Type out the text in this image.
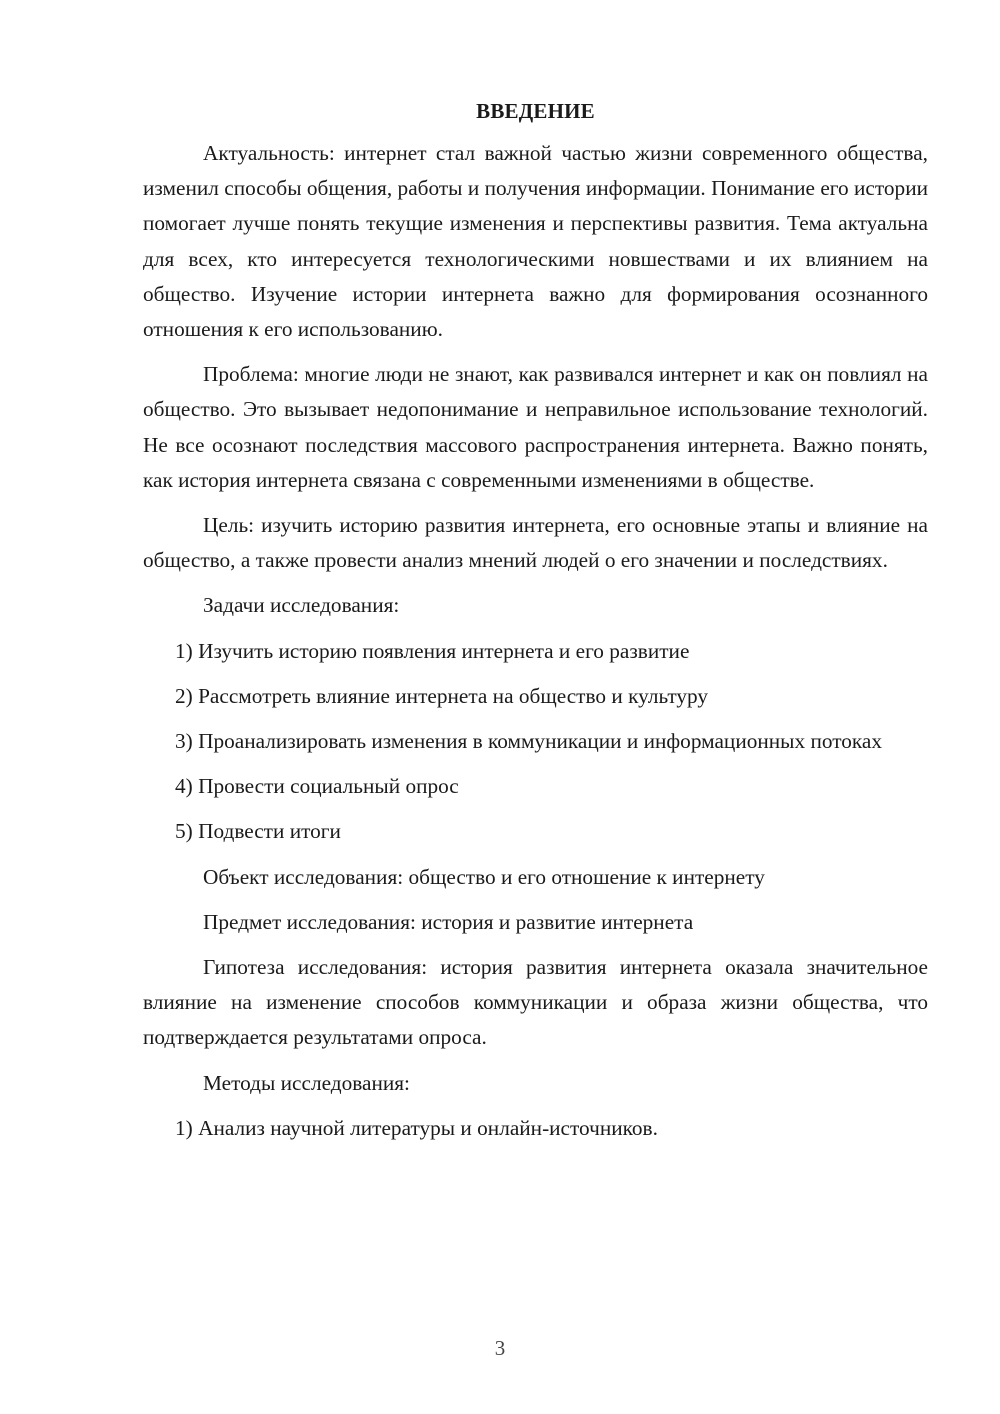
ВВЕДЕНИЕ

Актуальность: интернет стал важной частью жизни современного общества, изменил способы общения, работы и получения информации. Понимание его истории помогает лучше понять текущие изменения и перспективы развития. Тема актуальна для всех, кто интересуется технологическими новшествами и их влиянием на общество. Изучение истории интернета важно для формирования осознанного отношения к его использованию.

Проблема: многие люди не знают, как развивался интернет и как он повлиял на общество. Это вызывает недопонимание и неправильное использование технологий. Не все осознают последствия массового распространения интернета. Важно понять, как история интернета связана с современными изменениями в обществе.

Цель: изучить историю развития интернета, его основные этапы и влияние на общество, а также провести анализ мнений людей о его значении и последствиях.

Задачи исследования:

1) Изучить историю появления интернета и его развитие

2) Рассмотреть влияние интернета на общество и культуру

3) Проанализировать изменения в коммуникации и информационных потоках

4) Провести социальный опрос

5) Подвести итоги

Объект исследования: общество и его отношение к интернету

Предмет исследования: история и развитие интернета

Гипотеза исследования: история развития интернета оказала значительное влияние на изменение способов коммуникации и образа жизни общества, что подтверждается результатами опроса.

Методы исследования:

1) Анализ научной литературы и онлайн-источников.

3
